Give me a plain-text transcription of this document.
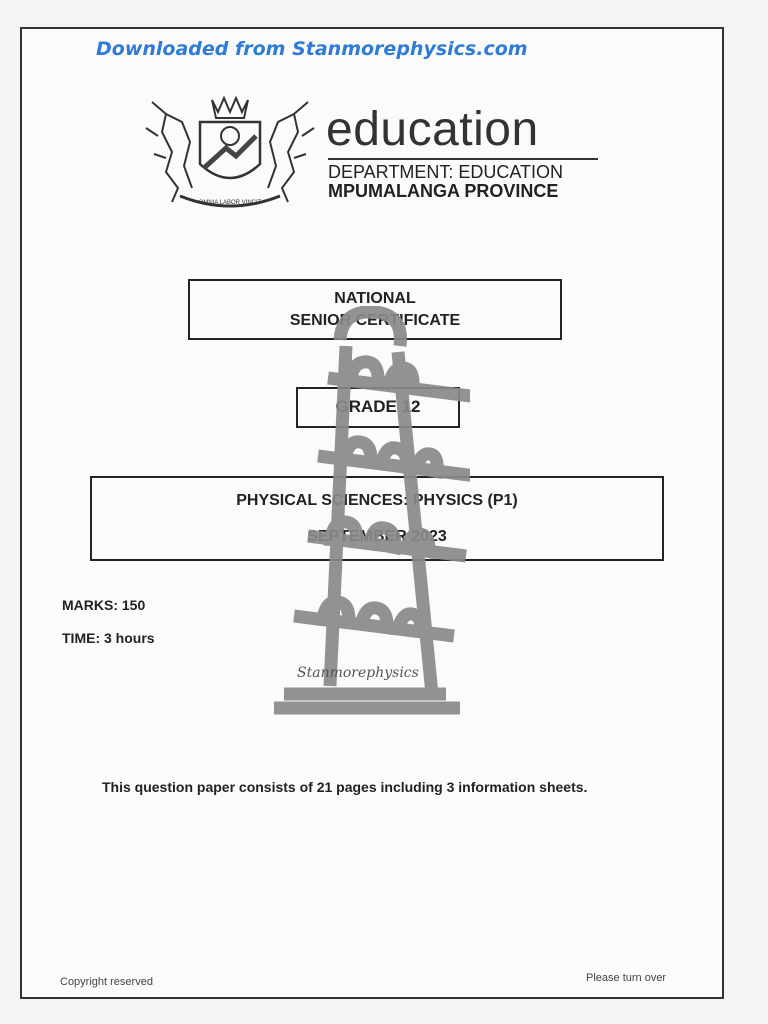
Downloaded from Stanmorephysics.com
OMNIA LABOR VINCIT
education
DEPARTMENT: EDUCATION
MPUMALANGA PROVINCE
NATIONAL
SENIOR CERTIFICATE
GRADE 12
PHYSICAL SCIENCES: PHYSICS (P1)
SEPTEMBER 2023
MARKS: 150
TIME: 3 hours
Stanmorephysics
This question paper consists of 21 pages including 3 information sheets.
Copyright reserved	Please turn over
